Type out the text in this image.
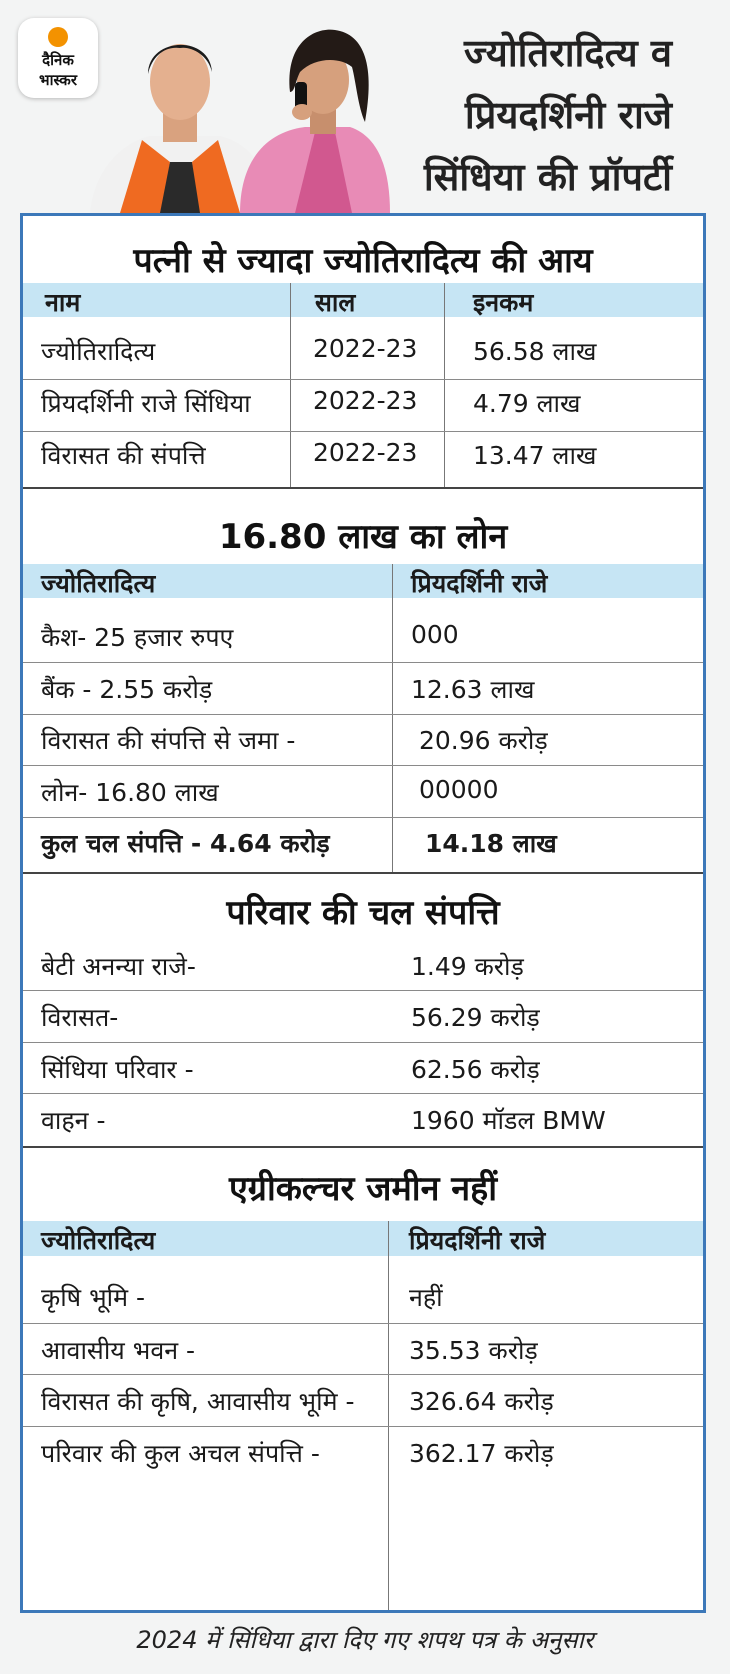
दैनिक
भास्कर
ज्योतिरादित्य व
प्रियदर्शिनी राजे
सिंधिया की प्रॉपर्टी
पत्नी से ज्यादा ज्योतिरादित्य की आय
नाम	साल	इनकम
ज्योतिरादित्य	2022-23 56.58 लाख
प्रियदर्शिनी राजे सिंधिया 2022-23 4.79 लाख
विरासत की संपत्ति	2022-23 13.47 लाख
16.80 लाख का लोन
ज्योतिरादित्य	प्रियदर्शिनी राजे
कैश- 25 हजार रुपए	000
बैंक - 2.55 करोड़	12.63 लाख
विरासत की संपत्ति से जमा -	20.96 करोड़
लोन- 16.80 लाख	00000
कुल चल संपत्ति - 4.64 करोड़	14.18 लाख
परिवार की चल संपत्ति
बेटी अनन्या राजे-	1.49 करोड़
विरासत-	56.29 करोड़
सिंधिया परिवार -	62.56 करोड़
वाहन -	1960 मॉडल BMW
एग्रीकल्चर जमीन नहीं
ज्योतिरादित्य	प्रियदर्शिनी राजे
कृषि भूमि -	नहीं
आवासीय भवन -	35.53 करोड़
विरासत की कृषि, आवासीय भूमि - 326.64 करोड़
परिवार की कुल अचल संपत्ति -	362.17 करोड़
2024 में सिंधिया द्वारा दिए गए शपथ पत्र के अनुसार
